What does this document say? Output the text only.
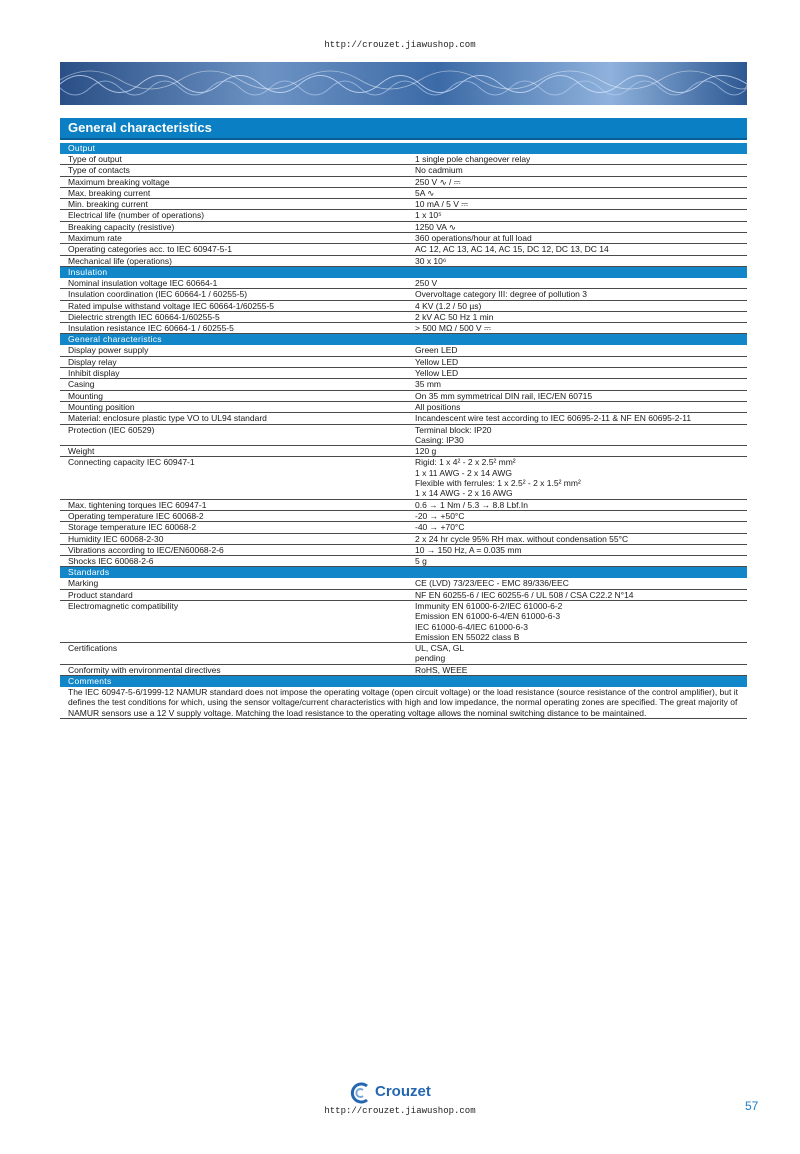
http://crouzet.jiawushop.com
General characteristics
Output
Type of output	1 single pole changeover relay
Type of contacts	No cadmium
Maximum breaking voltage	250 V ∿ / ⎓
Max. breaking current	5A ∿
Min. breaking current	10 mA / 5 V ⎓
Electrical life (number of operations)	1 x 10⁵
Breaking capacity (resistive)	1250 VA ∿
Maximum rate	360 operations/hour at full load
Operating categories acc. to IEC 60947-5-1	AC 12, AC 13, AC 14, AC 15, DC 12, DC 13, DC 14
Mechanical life (operations)	30 x 10⁶
Insulation
Nominal insulation voltage IEC 60664-1	250 V
Insulation coordination (IEC 60664-1 / 60255-5)	Overvoltage category III: degree of pollution 3
Rated impulse withstand voltage IEC 60664-1/60255-5	4 KV (1.2 / 50 µs)
Dielectric strength IEC 60664-1/60255-5	2 kV AC 50 Hz 1 min
Insulation resistance IEC 60664-1 / 60255-5	> 500 MΩ / 500 V ⎓
General characteristics
Display power supply	Green LED
Display relay	Yellow LED
Inhibit display	Yellow LED
Casing	35 mm
Mounting	On 35 mm symmetrical DIN rail, IEC/EN 60715
Mounting position	All positions
Material: enclosure plastic type VO to UL94 standard	Incandescent wire test according to IEC 60695-2-11 & NF EN 60695-2-11
Protection (IEC 60529)	Terminal block: IP20
Casing: IP30
Weight	120 g
Connecting capacity IEC 60947-1	Rigid: 1 x 4² - 2 x 2.5² mm²
1 x 11 AWG - 2 x 14 AWG
Flexible with ferrules: 1 x 2.5² - 2 x 1.5² mm²
1 x 14 AWG - 2 x 16 AWG
Max. tightening torques IEC 60947-1	0.6 → 1 Nm / 5.3 → 8.8 Lbf.In
Operating temperature IEC 60068-2	-20 → +50°C
Storage temperature IEC 60068-2	-40 → +70°C
Humidity IEC 60068-2-30	2 x 24 hr cycle 95% RH max. without condensation 55°C
Vibrations according to IEC/EN60068-2-6	10 → 150 Hz, A = 0.035 mm
Shocks IEC 60068-2-6	5 g
Standards
Marking	CE (LVD) 73/23/EEC - EMC 89/336/EEC
Product standard	NF EN 60255-6 / IEC 60255-6 / UL 508 / CSA C22.2 N°14
Electromagnetic compatibility	Immunity EN 61000-6-2/IEC 61000-6-2
Emission EN 61000-6-4/EN 61000-6-3
IEC 61000-6-4/IEC 61000-6-3
Emission EN 55022 class B
Certifications	UL, CSA, GL
pending
Conformity with environmental directives	RoHS, WEEE
Comments
The IEC 60947-5-6/1999-12 NAMUR standard does not impose the operating voltage (open circuit voltage) or the load resistance (source resistance of the control amplifier), but it defines the test conditions for which, using the sensor voltage/current characteristics with high and low impedance, the normal operating zones are specified. The great majority of NAMUR sensors use a 12 V supply voltage. Matching the load resistance to the operating voltage allows the nominal switching distance to be maintained.
Crouzet
http://crouzet.jiawushop.com	57
